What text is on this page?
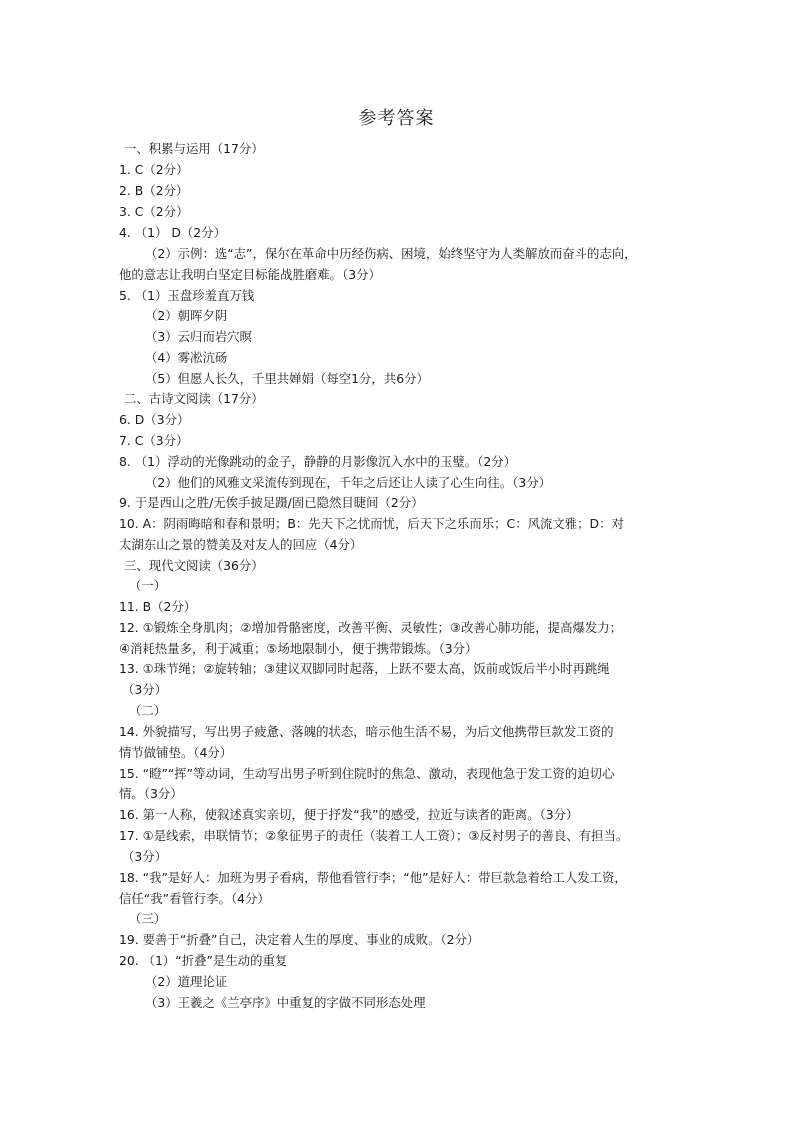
参考答案
一、积累与运用（17分）
1. C（2分）
2. B（2分）
3. C（2分）
4. （1） D（2分）
（2）示例：选“志”，保尔在革命中历经伤病、困境，始终坚守为人类解放而奋斗的志向，
他的意志让我明白坚定目标能战胜磨难。（3分）
5. （1）玉盘珍羞直万钱
（2）朝晖夕阴
（3）云归而岩穴暝
（4）雾凇沆砀
（5）但愿人长久，千里共婵娟（每空1分，共6分）
二、古诗文阅读（17分）
6. D（3分）
7. C（3分）
8. （1）浮动的光像跳动的金子，静静的月影像沉入水中的玉璧。（2分）
（2）他们的风雅文采流传到现在，千年之后还让人读了心生向往。（3分）
9. 于是西山之胜/无俟手披足蹑/固已隐然目睫间（2分）
10. A：阴雨晦暗和春和景明；B：先天下之忧而忧，后天下之乐而乐；C：风流文雅；D：对
太湖东山之景的赞美及对友人的回应（4分）
三、现代文阅读（36分）
（一）
11. B（2分）
12. ①锻炼全身肌肉；②增加骨骼密度，改善平衡、灵敏性；③改善心肺功能，提高爆发力；
④消耗热量多，利于减重；⑤场地限制小，便于携带锻炼。（3分）
13. ①珠节绳；②旋转轴；③建议双脚同时起落，上跃不要太高，饭前或饭后半小时再跳绳
（3分）
（二）
14. 外貌描写，写出男子疲惫、落魄的状态，暗示他生活不易，为后文他携带巨款发工资的
情节做铺垫。（4分）
15. “瞪”“挥”等动词，生动写出男子听到住院时的焦急、激动，表现他急于发工资的迫切心
情。（3分）
16. 第一人称，使叙述真实亲切，便于抒发“我”的感受，拉近与读者的距离。（3分）
17. ①是线索，串联情节；②象征男子的责任（装着工人工资）；③反衬男子的善良、有担当。
（3分）
18. “我”是好人：加班为男子看病，帮他看管行李；“他”是好人：带巨款急着给工人发工资，
信任“我”看管行李。（4分）
（三）
19. 要善于“折叠”自己，决定着人生的厚度、事业的成败。（2分）
20. （1）“折叠”是生动的重复
（2）道理论证
（3）王羲之《兰亭序》中重复的字做不同形态处理
